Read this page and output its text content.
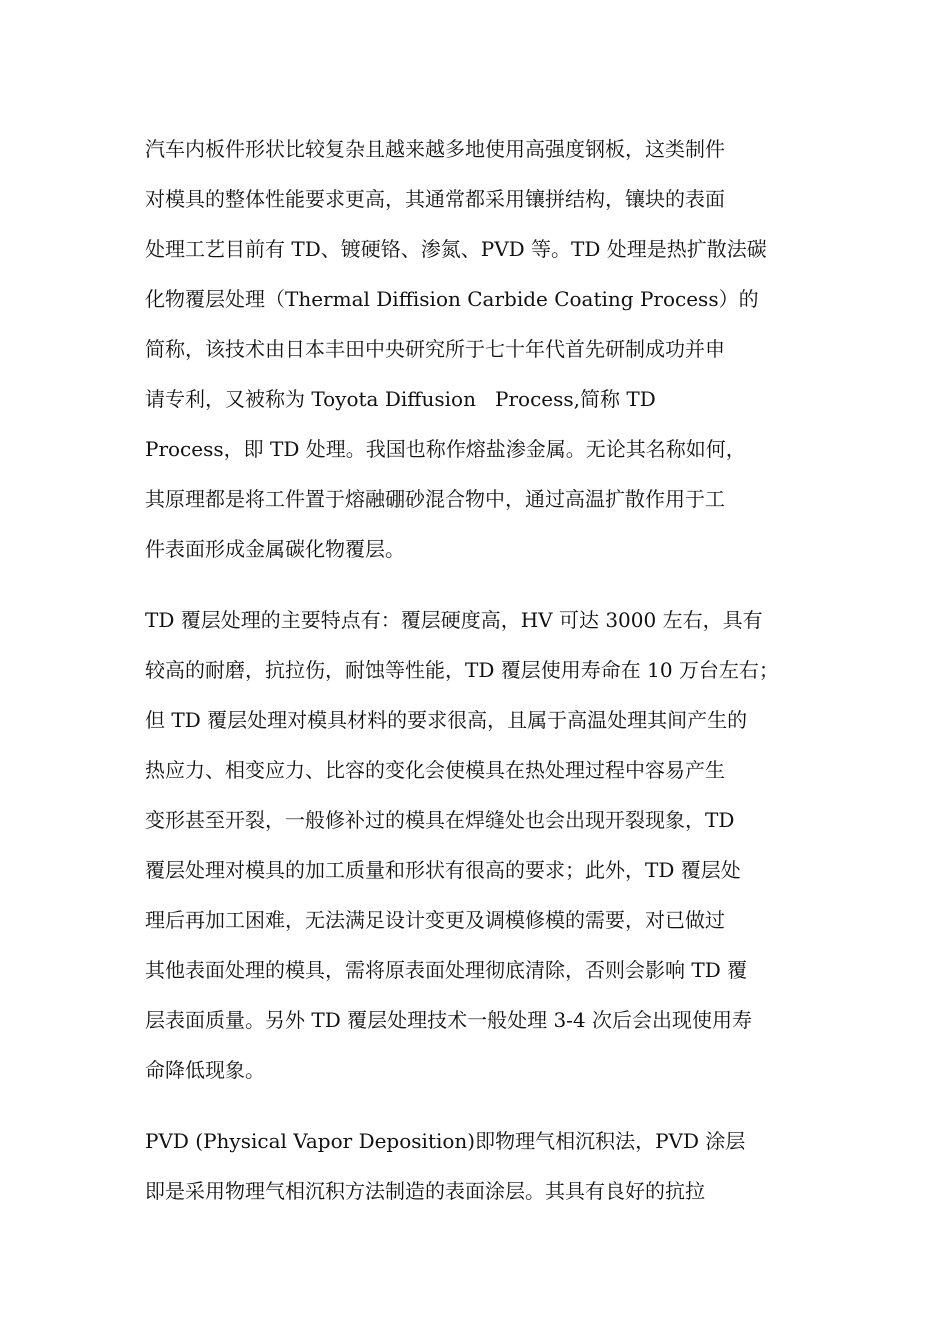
汽车内板件形状比较复杂且越来越多地使用高强度钢板，这类制件
对模具的整体性能要求更高，其通常都采用镶拼结构，镶块的表面
处理工艺目前有 TD、镀硬铬、渗氮、PVD 等。TD 处理是热扩散法碳
化物覆层处理（Thermal Diffision Carbide Coating Process）的
简称，该技术由日本丰田中央研究所于七十年代首先研制成功并申
请专利，又被称为 Toyota Diffusion   Process,简称 TD
Process，即 TD 处理。我国也称作熔盐渗金属。无论其名称如何，
其原理都是将工件置于熔融硼砂混合物中，通过高温扩散作用于工
件表面形成金属碳化物覆层。
TD 覆层处理的主要特点有：覆层硬度高，HV 可达 3000 左右，具有
较高的耐磨，抗拉伤，耐蚀等性能，TD 覆层使用寿命在 10 万台左右；
但 TD 覆层处理对模具材料的要求很高，且属于高温处理其间产生的
热应力、相变应力、比容的变化会使模具在热处理过程中容易产生
变形甚至开裂，一般修补过的模具在焊缝处也会出现开裂现象，TD
覆层处理对模具的加工质量和形状有很高的要求；此外，TD 覆层处
理后再加工困难，无法满足设计变更及调模修模的需要，对已做过
其他表面处理的模具，需将原表面处理彻底清除，否则会影响 TD 覆
层表面质量。另外 TD 覆层处理技术一般处理 3-4 次后会出现使用寿
命降低现象。
PVD (Physical Vapor Deposition)即物理气相沉积法，PVD 涂层
即是采用物理气相沉积方法制造的表面涂层。其具有良好的抗拉
